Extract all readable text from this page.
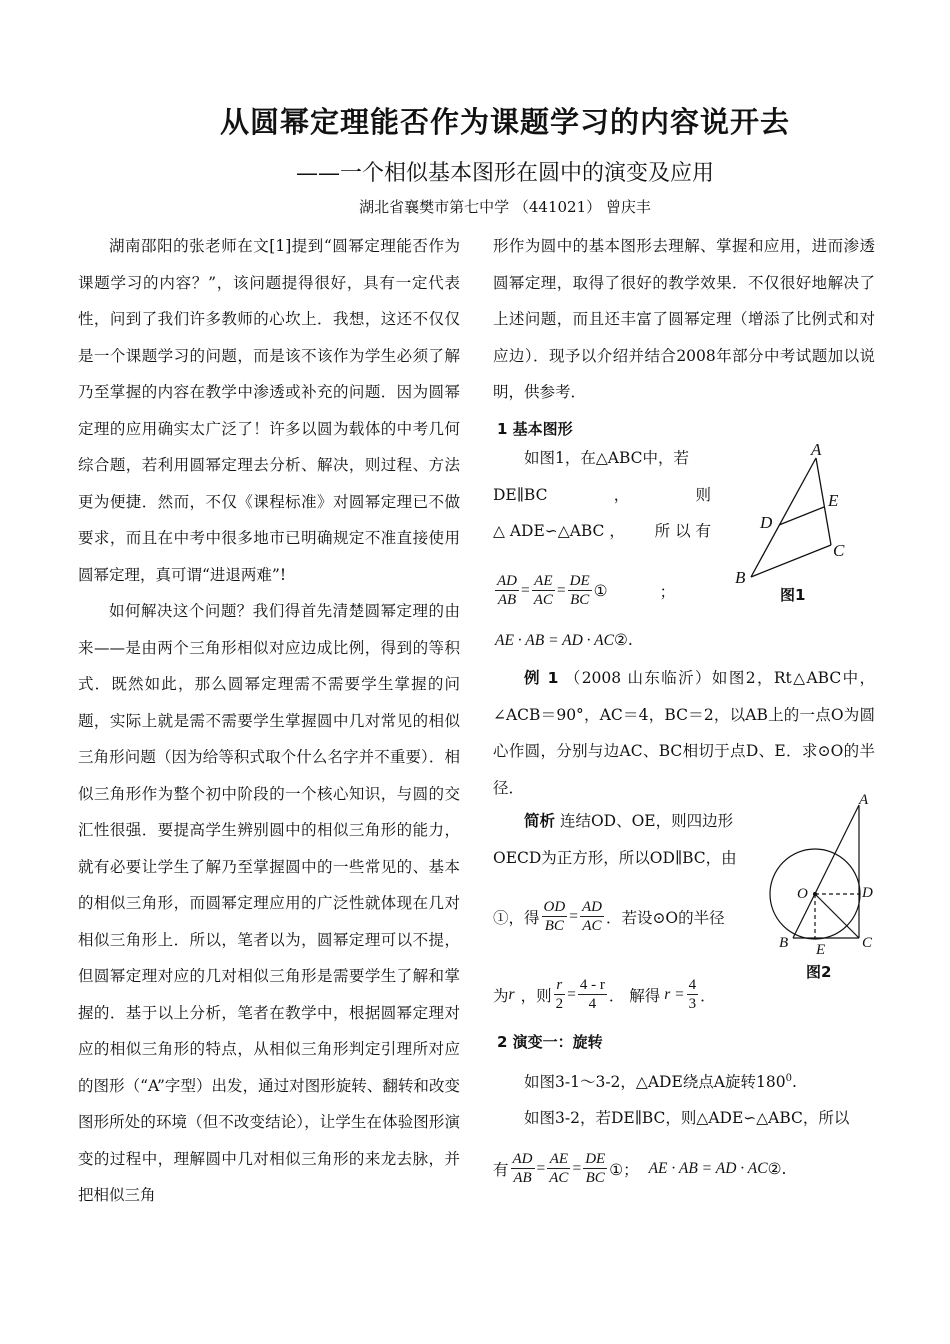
从圆幂定理能否作为课题学习的内容说开去
——一个相似基本图形在圆中的演变及应用
湖北省襄樊市第七中学 （441021） 曾庆丰

湖南邵阳的张老师在文[1]提到“圆幂定理能否作为课题学习的内容？”，该问题提得很好，具有一定代表性，问到了我们许多教师的心坎上．我想，这还不仅仅是一个课题学习的问题，而是该不该作为学生必须了解乃至掌握的内容在教学中渗透或补充的问题．因为圆幂定理的应用确实太广泛了！许多以圆为载体的中考几何综合题，若利用圆幂定理去分析、解决，则过程、方法更为便捷．然而，不仅《课程标准》对圆幂定理已不做要求，而且在中考中很多地市已明确规定不准直接使用圆幂定理，真可谓“进退两难”!

如何解决这个问题？我们得首先清楚圆幂定理的由来——是由两个三角形相似对应边成比例，得到的等积式．既然如此，那么圆幂定理需不需要学生掌握的问题，实际上就是需不需要学生掌握圆中几对常见的相似三角形问题（因为给等积式取个什么名字并不重要）．相似三角形作为整个初中阶段的一个核心知识，与圆的交汇性很强．要提高学生辨别圆中的相似三角形的能力，就有必要让学生了解乃至掌握圆中的一些常见的、基本的相似三角形，而圆幂定理应用的广泛性就体现在几对相似三角形上．所以，笔者以为，圆幂定理可以不提，但圆幂定理对应的几对相似三角形是需要学生了解和掌握的．基于以上分析，笔者在教学中，根据圆幂定理对应的相似三角形的特点，从相似三角形判定引理所对应的图形（“A”字型）出发，通过对图形旋转、翻转和改变图形所处的环境（但不改变结论），让学生在体验图形演变的过程中，理解圆中几对相似三角形的来龙去脉，并把相似三角

形作为圆中的基本图形去理解、掌握和应用，进而渗透圆幂定理，取得了很好的教学效果．不仅很好地解决了上述问题，而且还丰富了圆幂定理（增添了比例式和对应边）．现予以介绍并结合2008年部分中考试题加以说明，供参考．

1 基本图形

如图1，在△ABC中，若

DE∥BC	，	则

△ ADE∽△ABC ， 所 以 有

$\frac{AD}{AB} = \frac{AE}{AC} = \frac{DE}{BC}$ ①	；
AE · AB = AD · AC②.

例 1 （2008 山东临沂）如图2，Rt△ABC中，∠ACB＝90°，AC＝4，BC＝2，以AB上的一点O为圆心作圆，分别与边AC、BC相切于点D、E．求⊙O的半径．

简析 连结OD、OE，则四边形

OECD为正方形，所以OD∥BC，由

①，得 $\frac{OD}{BC} = \frac{AD}{AC}$ ．若设⊙O的半径
为 r ，则 $\frac{r}{2} = \frac{4 - r}{4}$ ． 解得 $r = \frac{4}{3}$ ．

2 演变一：旋转

如图3-1～3-2，△ADE绕点A旋转$180^0$.

如图3-2，若DE∥BC，则△ADE∽△ABC，所以

有 $\frac{AD}{AB} = \frac{AE}{AC} = \frac{DE}{BC}$ ①； AE · AB = AD · AC ②.
A
B
C
D
E
图1
A
B	C
D
E
O
图2
